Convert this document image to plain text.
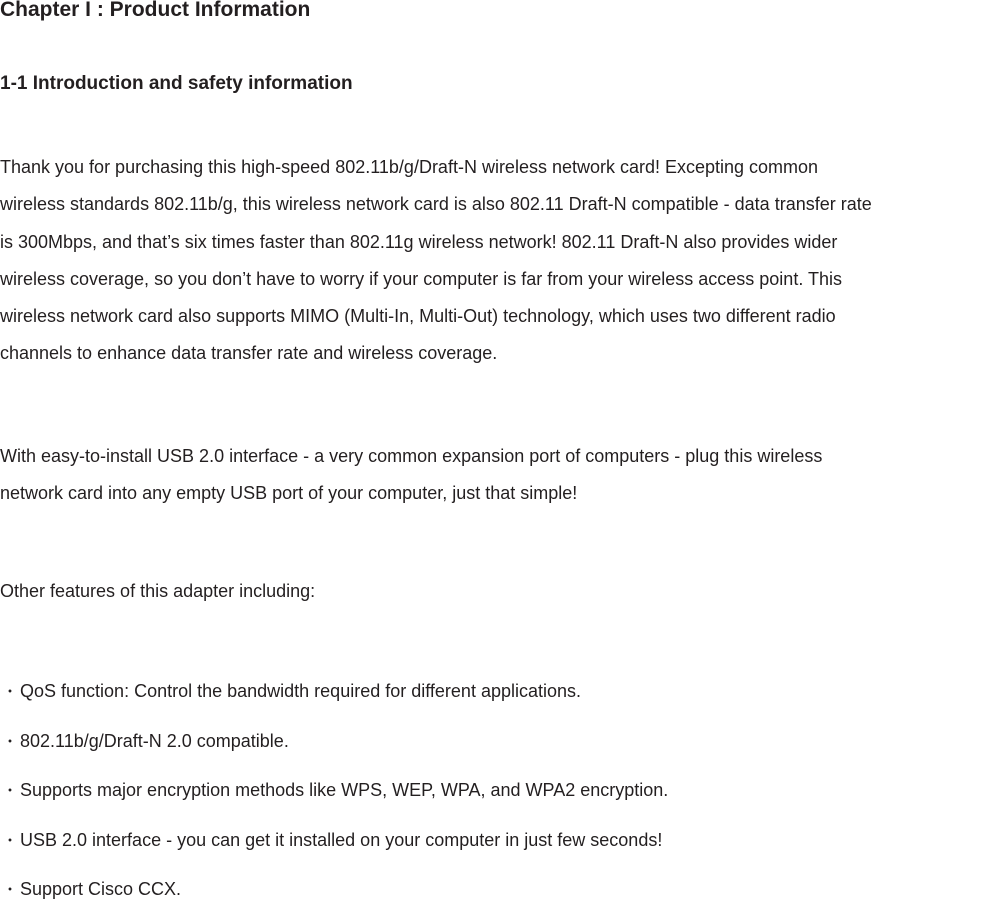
Chapter I : Product Information
1-1 Introduction and safety information

Thank you for purchasing this high-speed 802.11b/g/Draft-N wireless network card! Excepting common
wireless standards 802.11b/g, this wireless network card is also 802.11 Draft-N compatible - data transfer rate
is 300Mbps, and that’s six times faster than 802.11g wireless network! 802.11 Draft-N also provides wider
wireless coverage, so you don’t have to worry if your computer is far from your wireless access point. This
wireless network card also supports MIMO (Multi-In, Multi-Out) technology, which uses two different radio
channels to enhance data transfer rate and wireless coverage.

With easy-to-install USB 2.0 interface - a very common expansion port of computers - plug this wireless
network card into any empty USB port of your computer, just that simple!

Other features of this adapter including:

・ QoS function: Control the bandwidth required for different applications.
・ 802.11b/g/Draft-N 2.0 compatible.
・ Supports major encryption methods like WPS, WEP, WPA, and WPA2 encryption.
・ USB 2.0 interface - you can get it installed on your computer in just few seconds!
・ Support Cisco CCX.
